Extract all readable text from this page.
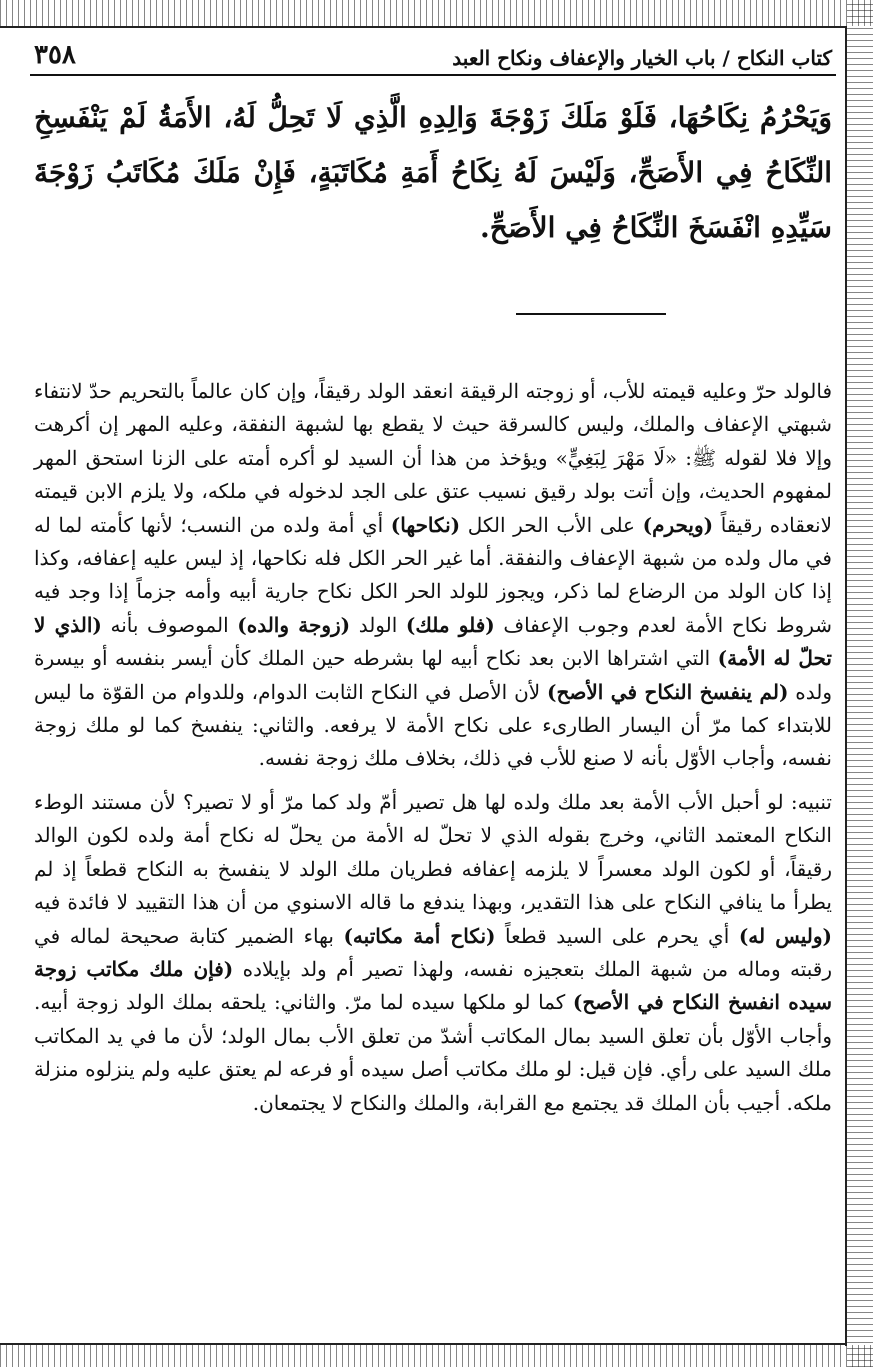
كتاب النكاح / باب الخيار والإعفاف ونكاح العبد
٣٥٨
وَيَحْرُمُ نِكَاحُهَا، فَلَوْ مَلَكَ زَوْجَةَ وَالِدِهِ الَّذِي لَا تَحِلُّ لَهُ، الأَمَةُ لَمْ يَنْفَسِخِ النِّكَاحُ فِي الأَصَحِّ، وَلَيْسَ لَهُ نِكَاحُ أَمَةِ مُكَاتَبَةٍ، فَإِنْ مَلَكَ مُكَاتَبُ زَوْجَةَ سَيِّدِهِ انْفَسَخَ النِّكَاحُ فِي الأَصَحِّ.

فالولد حرّ وعليه قيمته للأب، أو زوجته الرقيقة انعقد الولد رقيقاً، وإن كان عالماً بالتحريم حدّ لانتفاء شبهتي الإعفاف والملك، وليس كالسرقة حيث لا يقطع بها لشبهة النفقة، وعليه المهر إن أكرهت وإلا فلا لقوله ﷺ: «لَا مَهْرَ لِبَغِيٍّ» ويؤخذ من هذا أن السيد لو أكره أمته على الزنا استحق المهر لمفهوم الحديث، وإن أتت بولد رقيق نسيب عتق على الجد لدخوله في ملكه، ولا يلزم الابن قيمته لانعقاده رقيقاً (ويحرم) على الأب الحر الكل (نكاحها) أي أمة ولده من النسب؛ لأنها كأمته لما له في مال ولده من شبهة الإعفاف والنفقة. أما غير الحر الكل فله نكاحها، إذ ليس عليه إعفافه، وكذا إذا كان الولد من الرضاع لما ذكر، ويجوز للولد الحر الكل نكاح جارية أبيه وأمه جزماً إذا وجد فيه شروط نكاح الأمة لعدم وجوب الإعفاف (فلو ملك) الولد (زوجة والده) الموصوف بأنه (الذي لا تحلّ له الأمة) التي اشتراها الابن بعد نكاح أبيه لها بشرطه حين الملك كأن أيسر بنفسه أو بيسرة ولده (لم ينفسخ النكاح في الأصح) لأن الأصل في النكاح الثابت الدوام، وللدوام من القوّة ما ليس للابتداء كما مرّ أن اليسار الطارىء على نكاح الأمة لا يرفعه. والثاني: ينفسخ كما لو ملك زوجة نفسه، وأجاب الأوّل بأنه لا صنع للأب في ذلك، بخلاف ملك زوجة نفسه.

تنبيه: لو أحبل الأب الأمة بعد ملك ولده لها هل تصير أمّ ولد كما مرّ أو لا تصير؟ لأن مستند الوطء النكاح المعتمد الثاني، وخرج بقوله الذي لا تحلّ له الأمة من يحلّ له نكاح أمة ولده لكون الوالد رقيقاً، أو لكون الولد معسراً لا يلزمه إعفافه فطريان ملك الولد لا ينفسخ به النكاح قطعاً إذ لم يطرأ ما ينافي النكاح على هذا التقدير، وبهذا يندفع ما قاله الاسنوي من أن هذا التقييد لا فائدة فيه (وليس له) أي يحرم على السيد قطعاً (نكاح أمة مكاتبه) بهاء الضمير كتابة صحيحة لماله في رقبته وماله من شبهة الملك بتعجيزه نفسه، ولهذا تصير أم ولد بإيلاده (فإن ملك مكاتب زوجة سيده انفسخ النكاح في الأصح) كما لو ملكها سيده لما مرّ. والثاني: يلحقه بملك الولد زوجة أبيه. وأجاب الأوّل بأن تعلق السيد بمال المكاتب أشدّ من تعلق الأب بمال الولد؛ لأن ما في يد المكاتب ملك السيد على رأي. فإن قيل: لو ملك مكاتب أصل سيده أو فرعه لم يعتق عليه ولم ينزلوه منزلة ملكه. أجيب بأن الملك قد يجتمع مع القرابة، والملك والنكاح لا يجتمعان.
